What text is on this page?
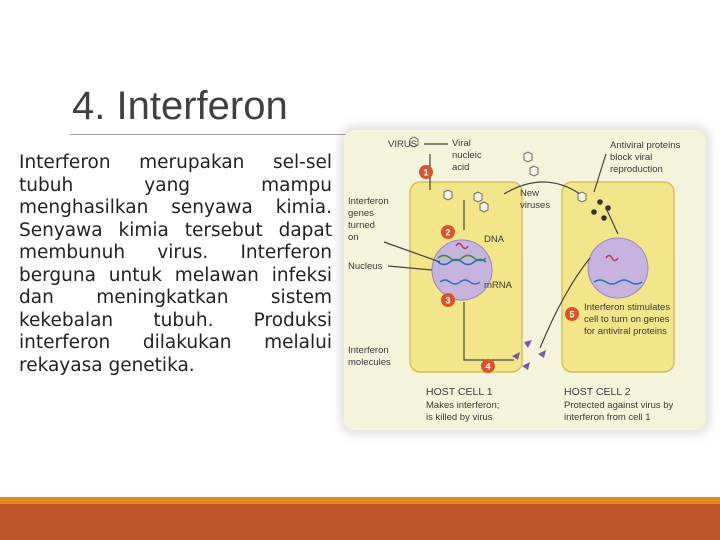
4. Interferon
Interferon merupakan sel-sel tubuh yang mampu menghasilkan senyawa kimia. Senyawa kimia tersebut dapat membunuh virus. Interferon berguna untuk melawan infeksi dan meningkatkan sistem kekebalan tubuh. Produksi interferon dilakukan melalui rekayasa genetika.
1
2
3
4
5
VIRUS	Viral
nucleic
acid
Interferon
genes
turned
on
Nucleus
Interferon
molecules
New
viruses
DNA
mRNA
Antiviral proteins
block viral
reproduction
Interferon stimulates
cell to turn on genes
for antiviral proteins
HOST CELL 1
Makes interferon;
is killed by virus
HOST CELL 2
Protected against virus by
interferon from cell 1
